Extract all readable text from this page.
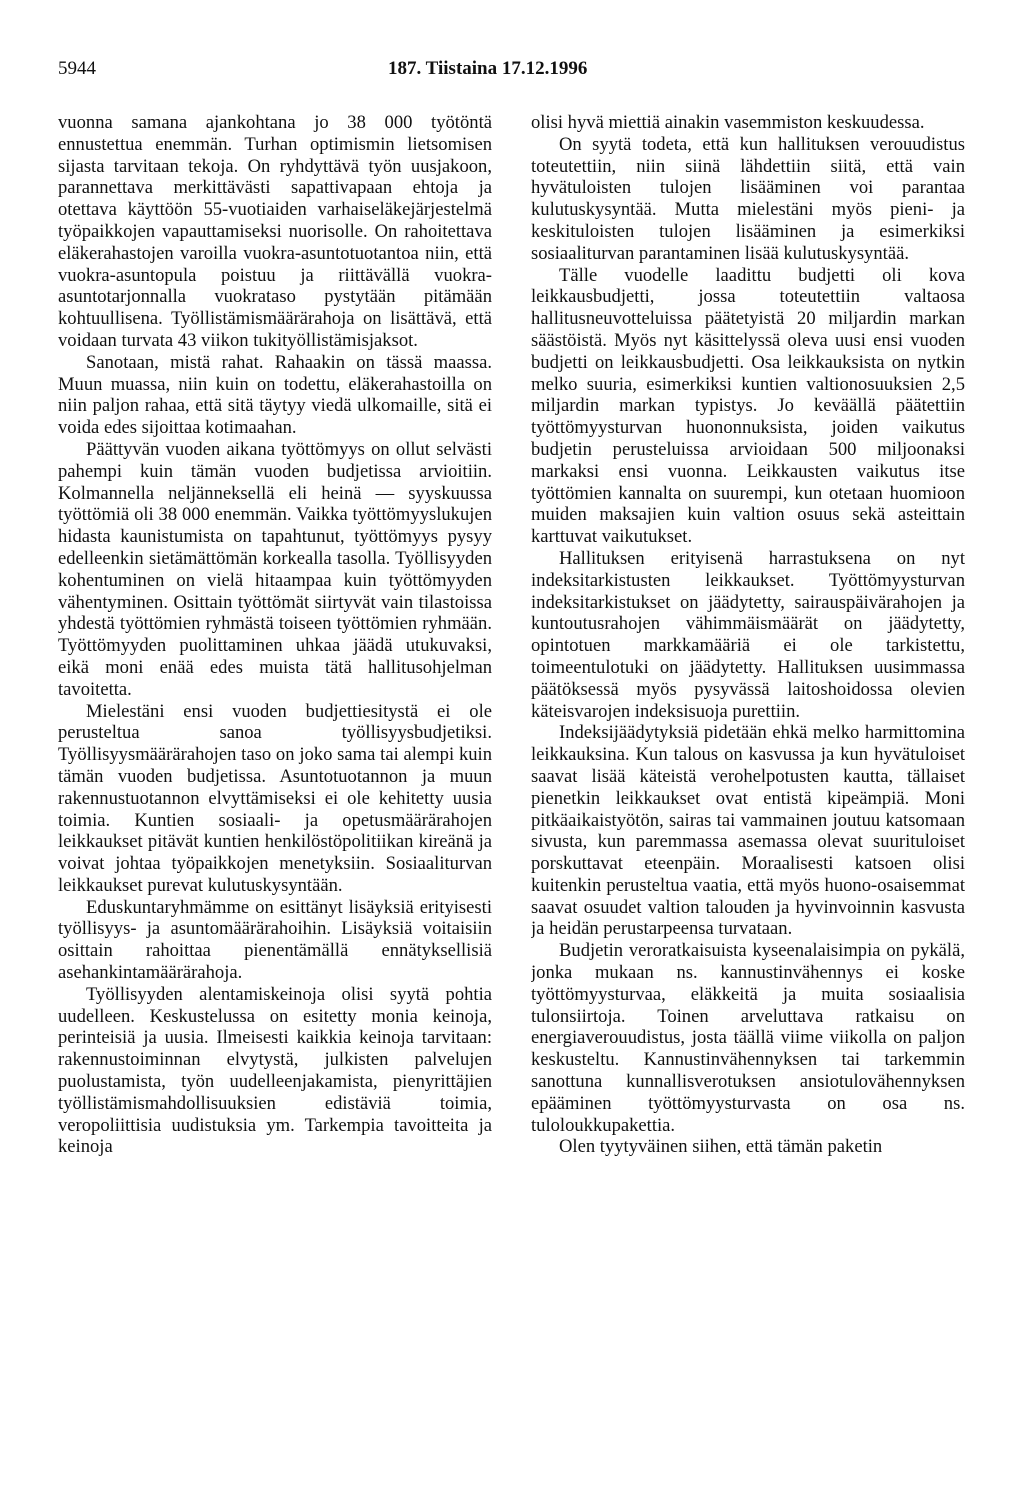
5944	187. Tiistaina 17.12.1996

vuonna samana ajankohtana jo 38 000 työtöntä ennustettua enemmän. Turhan optimismin lietsomisen sijasta tarvitaan tekoja. On ryhdyttävä työn uusjakoon, parannettava merkittävästi sapattivapaan ehtoja ja otettava käyttöön 55-vuotiaiden varhaiseläkejärjestelmä työpaikkojen vapauttamiseksi nuorisolle. On rahoitettava eläkerahastojen varoilla vuokra-asuntotuotantoa niin, että vuokra-asuntopula poistuu ja riittävällä vuokra-asuntotarjonnalla vuokrataso pystytään pitämään kohtuullisena. Työllistämismäärärahoja on lisättävä, että voidaan turvata 43 viikon tukityöllistämisjaksot.

Sanotaan, mistä rahat. Rahaakin on tässä maassa. Muun muassa, niin kuin on todettu, eläkerahastoilla on niin paljon rahaa, että sitä täytyy viedä ulkomaille, sitä ei voida edes sijoittaa kotimaahan.

Päättyvän vuoden aikana työttömyys on ollut selvästi pahempi kuin tämän vuoden budjetissa arvioitiin. Kolmannella neljänneksellä eli heinä — syyskuussa työttömiä oli 38 000 enemmän. Vaikka työttömyyslukujen hidasta kaunistumista on tapahtunut, työttömyys pysyy edelleenkin sietämättömän korkealla tasolla. Työllisyyden kohentuminen on vielä hitaampaa kuin työttömyyden vähentyminen. Osittain työttömät siirtyvät vain tilastoissa yhdestä työttömien ryhmästä toiseen työttömien ryhmään. Työttömyyden puolittaminen uhkaa jäädä utukuvaksi, eikä moni enää edes muista tätä hallitusohjelman tavoitetta.

Mielestäni ensi vuoden budjettiesitystä ei ole perusteltua sanoa työllisyysbudjetiksi. Työllisyysmäärärahojen taso on joko sama tai alempi kuin tämän vuoden budjetissa. Asuntotuotannon ja muun rakennustuotannon elvyttämiseksi ei ole kehitetty uusia toimia. Kuntien sosiaali- ja opetusmäärärahojen leikkaukset pitävät kuntien henkilöstöpolitiikan kireänä ja voivat johtaa työpaikkojen menetyksiin. Sosiaaliturvan leikkaukset purevat kulutuskysyntään.

Eduskuntaryhmämme on esittänyt lisäyksiä erityisesti työllisyys- ja asuntomäärärahoihin. Lisäyksiä voitaisiin osittain rahoittaa pienentämällä ennätyksellisiä asehankintamäärärahoja.

Työllisyyden alentamiskeinoja olisi syytä pohtia uudelleen. Keskustelussa on esitetty monia keinoja, perinteisiä ja uusia. Ilmeisesti kaikkia keinoja tarvitaan: rakennustoiminnan elvytystä, julkisten palvelujen puolustamista, työn uudelleenjakamista, pienyrittäjien työllistämismahdollisuuksien edistäviä toimia, veropoliittisia uudistuksia ym. Tarkempia tavoitteita ja keinoja

olisi hyvä miettiä ainakin vasemmiston keskuudessa.

On syytä todeta, että kun hallituksen verouudistus toteutettiin, niin siinä lähdettiin siitä, että vain hyvätuloisten tulojen lisääminen voi parantaa kulutuskysyntää. Mutta mielestäni myös pieni- ja keskituloisten tulojen lisääminen ja esimerkiksi sosiaaliturvan parantaminen lisää kulutuskysyntää.

Tälle vuodelle laadittu budjetti oli kova leikkausbudjetti, jossa toteutettiin valtaosa hallitusneuvotteluissa päätetyistä 20 miljardin markan säästöistä. Myös nyt käsittelyssä oleva uusi ensi vuoden budjetti on leikkausbudjetti. Osa leikkauksista on nytkin melko suuria, esimerkiksi kuntien valtionosuuksien 2,5 miljardin markan typistys. Jo keväällä päätettiin työttömyysturvan huononnuksista, joiden vaikutus budjetin perusteluissa arvioidaan 500 miljoonaksi markaksi ensi vuonna. Leikkausten vaikutus itse työttömien kannalta on suurempi, kun otetaan huomioon muiden maksajien kuin valtion osuus sekä asteittain karttuvat vaikutukset.

Hallituksen erityisenä harrastuksena on nyt indeksitarkistusten leikkaukset. Työttömyysturvan indeksitarkistukset on jäädytetty, sairauspäivärahojen ja kuntoutusrahojen vähimmäismäärät on jäädytetty, opintotuen markkamääriä ei ole tarkistettu, toimeentulotuki on jäädytetty. Hallituksen uusimmassa päätöksessä myös pysyvässä laitoshoidossa olevien käteisvarojen indeksisuoja purettiin.

Indeksijäädytyksiä pidetään ehkä melko harmittomina leikkauksina. Kun talous on kasvussa ja kun hyvätuloiset saavat lisää käteistä verohelpotusten kautta, tällaiset pienetkin leikkaukset ovat entistä kipeämpiä. Moni pitkäaikaistyötön, sairas tai vammainen joutuu katsomaan sivusta, kun paremmassa asemassa olevat suurituloiset porskuttavat eteenpäin. Moraalisesti katsoen olisi kuitenkin perusteltua vaatia, että myös huono-osaisemmat saavat osuudet valtion talouden ja hyvinvoinnin kasvusta ja heidän perustarpeensa turvataan.

Budjetin veroratkaisuista kyseenalaisimpia on pykälä, jonka mukaan ns. kannustinvähennys ei koske työttömyysturvaa, eläkkeitä ja muita sosiaalisia tulonsiirtoja. Toinen arveluttava ratkaisu on energiaverouudistus, josta täällä viime viikolla on paljon keskusteltu. Kannustinvähennyksen tai tarkemmin sanottuna kunnallisverotuksen ansiotulovähennyksen epääminen työttömyysturvasta on osa ns. tuloloukkupakettia.

Olen tyytyväinen siihen, että tämän paketin
